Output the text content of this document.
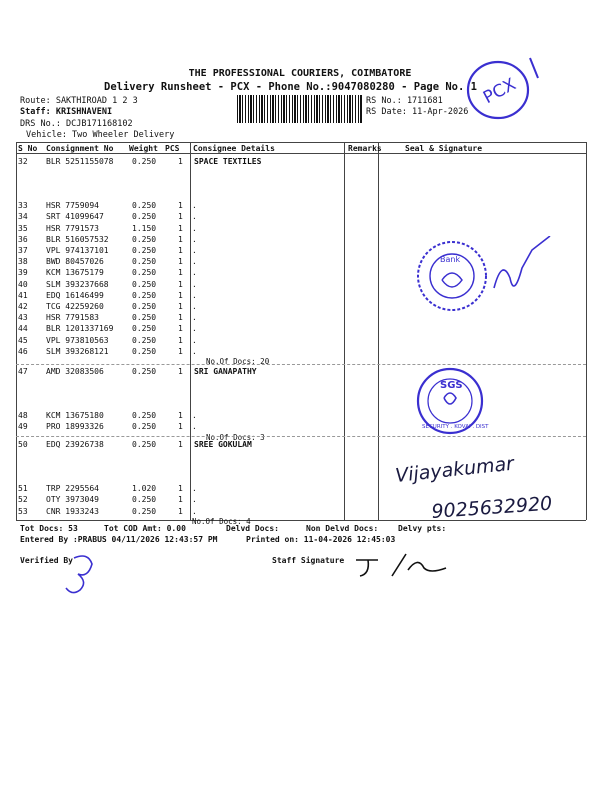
THE PROFESSIONAL COURIERS, COIMBATORE
Delivery Runsheet - PCX - Phone No.:9047080280 - Page No. 1
Route: SAKTHIROAD 1 2 3
Staff: KRISHNAVENI
DRS No.: DCJB171168102
Vehicle: Two Wheeler Delivery
RS No.: 1711681
RS Date: 11-Apr-2026
S No Consignment No Weight PCS Consignee Details	Remarks	Seal & Signature
32 BLR 5251155078 0.250	1 SPACE TEXTILES
33 HSR 7759094	0.250	1 .
34 SRT 41099647	0.250	1 .
35 HSR 7791573	1.150	1 .
36 BLR 516057532	0.250	1 .
37 VPL 974137101	0.250	1 .
38 BWD 80457026	0.250	1 .
39 KCM 13675179	0.250	1 .
40 SLM 393237668	0.250	1 .
41 EDQ 16146499	0.250	1 .
42 TCG 42259260	0.250	1 .
43 HSR 7791583	0.250	1 .
44 BLR 1201337169 0.250	1 .
45 VPL 973810563	0.250	1 .
46 SLM 393268121	0.250	1 .
No.Of Docs: 20
47 AMD 32083506	0.250	1 SRI GANAPATHY
48 KCM 13675180	0.250	1 .
49 PRO 18993326	0.250	1 .
No.Of Docs: 3
50 EDQ 23926738	0.250	1 SREE GOKULAM
51 TRP 2295564	1.020	1 .
52 OTY 3973049	0.250	1 .
53 CNR 1933243	0.250	1 .
No.Of Docs: 4
Tot Docs: 53	Tot COD Amt: 0.00	Delvd Docs:	Non Delvd Docs: Delvy pts:
Entered By :PRABUS 04/11/2026 12:43:57 PM	Printed on: 11-04-2026 12:45:03
Verified By	Staff Signature
PCX
Bank
SGS
SECURITY . KOVAI . DIST
Vijayakumar
9025632920
